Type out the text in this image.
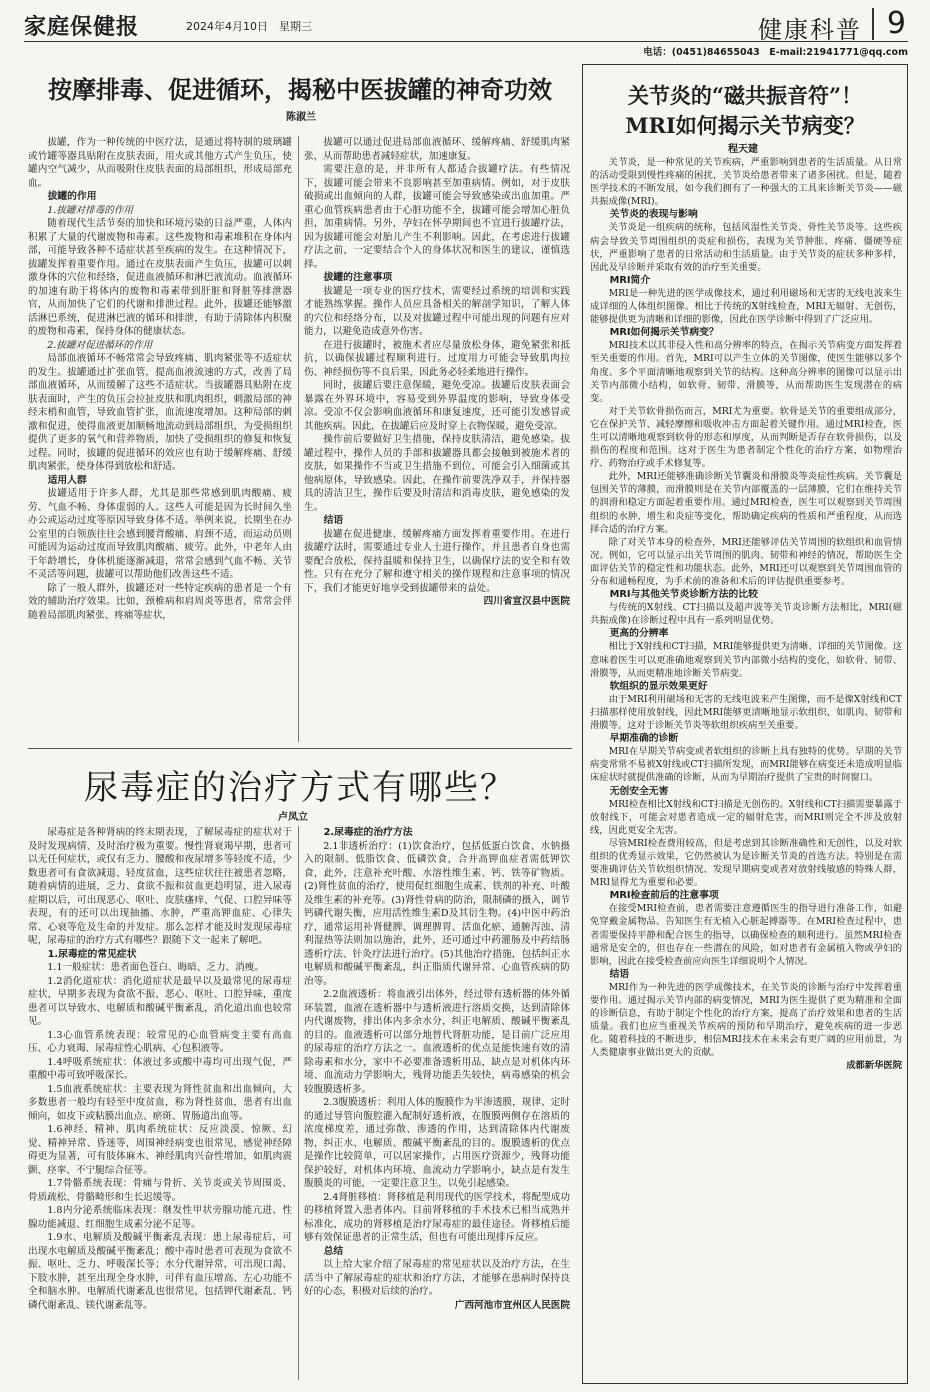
家庭保健报	2024年4月10日　星期三	健康科普 9
电话：(0451)84655043　E-mail:21941771@qq.com
按摩排毒、促进循环，揭秘中医拔罐的神奇功效
陈淑兰

拔罐，作为一种传统的中医疗法，是通过将特制的玻璃罐或竹罐等器具贴附在皮肤表面，用火或其他方式产生负压，使罐内空气减少，从而吸附住皮肤表面的局部组织，形成局部充血。

拔罐的作用

1.拔罐对排毒的作用

随着现代生活节奏的加快和环境污染的日益严重，人体内积累了大量的代谢废物和毒素。这些废物和毒素堆积在身体内部，可能导致各种不适症状甚至疾病的发生。在这种情况下，拔罐发挥着重要作用。通过在皮肤表面产生负压，拔罐可以刺激身体的穴位和经络，促进血液循环和淋巴液流动。血液循环的加速有助于将体内的废物和毒素带到肝脏和肾脏等排泄器官，从而加快了它们的代谢和排泄过程。此外，拔罐还能够激活淋巴系统，促进淋巴液的循环和排泄，有助于清除体内积聚的废物和毒素，保持身体的健康状态。

2.拔罐对促进循环的作用

局部血液循环不畅常常会导致疼痛、肌肉紧张等不适症状的发生。拔罐通过扩张血管，提高血液流速的方式，改善了局部血液循环，从而缓解了这些不适症状。当拔罐器具贴附在皮肤表面时，产生的负压会拉扯皮肤和肌肉组织，刺激局部的神经末梢和血管，导致血管扩张，血流速度增加。这种局部的刺激和促进，使得血液更加顺畅地流动到局部组织，为受损组织提供了更多的氧气和营养物质，加快了受损组织的修复和恢复过程。同时，拔罐的促进循环的效应也有助于缓解疼痛、舒缓肌肉紧张，使身体得到放松和舒适。

适用人群

拔罐适用于许多人群，尤其是那些常感到肌肉酸痛、疲劳、气血不畅、身体虚弱的人。这些人可能是因为长时间久坐办公或运动过度等原因导致身体不适。举例来说，长期坐在办公室里的白领族往往会感到腰背酸痛、肩颈不适，而运动员则可能因为运动过度而导致肌肉酸痛、疲劳。此外，中老年人由于年龄增长，身体机能逐渐减退，常常会感到气血不畅、关节不灵活等问题，拔罐可以帮助他们改善这些不适。

除了一般人群外，拔罐还对一些特定疾病的患者是一个有效的辅助治疗效果。比如，颈椎病和肩周炎等患者，常常会伴随着局部肌肉紧张、疼痛等症状，

拔罐可以通过促进局部血液循环、缓解疼痛、舒缓肌肉紧张，从而帮助患者减轻症状，加速康复。

需要注意的是，并非所有人都适合拔罐疗法。有些情况下，拔罐可能会带来不良影响甚至加重病情。例如，对于皮肤破损或出血倾向的人群，拔罐可能会导致感染或出血加重。严重心血管疾病患者由于心脏功能不全，拔罐可能会增加心脏负担，加重病情。另外，孕妇在怀孕期间也不宜进行拔罐疗法，因为拔罐可能会对胎儿产生不利影响。因此，在考虑进行拔罐疗法之前，一定要结合个人的身体状况和医生的建议，谨慎选择。

拔罐的注意事项

拔罐是一项专业的医疗技术，需要经过系统的培训和实践才能熟练掌握。操作人员应具备相关的解剖学知识，了解人体的穴位和经络分布，以及对拔罐过程中可能出现的问题有应对能力，以避免造成意外伤害。

在进行拔罐时，被施术者应尽量放松身体，避免紧张和抵抗，以确保拔罐过程顺利进行。过度用力可能会导致肌肉拉伤、神经损伤等不良后果，因此务必轻柔地进行操作。

同时，拔罐后要注意保暖，避免受凉。拔罐后皮肤表面会暴露在外界环境中，容易受到外界温度的影响，导致身体受凉。受凉不仅会影响血液循环和康复速度，还可能引发感冒或其他疾病。因此，在拔罐后应及时穿上衣物保暖，避免受凉。

操作前后要做好卫生措施，保持皮肤清洁，避免感染。拔罐过程中，操作人员的手部和拔罐器具都会接触到被施术者的皮肤，如果操作不当或卫生措施不到位，可能会引入细菌或其他病原体，导致感染。因此，在操作前要洗净双手，并保持器具的清洁卫生，操作后要及时清洁和消毒皮肤，避免感染的发生。

结语

拔罐在促进健康、缓解疼痛方面发挥着重要作用。在进行拔罐疗法时，需要通过专业人士进行操作，并且患者自身也需要配合放松，保持温暖和保持卫生，以确保疗法的安全和有效性。只有在充分了解和遵守相关的操作规程和注意事项的情况下，我们才能更好地享受到拔罐带来的益处。

四川省宣汉县中医院

尿毒症的治疗方式有哪些？
卢凤立

尿毒症是各种肾病的终末期表现，了解尿毒症的症状对于及时发现病情、及时治疗极为重要。慢性肾衰竭早期，患者可以无任何症状，或仅有乏力、腰酸和夜尿增多等轻度不适，少数患者可有食欲减退、轻度贫血，这些症状往往被患者忽略，随着病情的进展，乏力、食欲不振和贫血更趋明显，进入尿毒症期以后，可出现恶心、呕吐、皮肤瘙痒、气促、口腔异味等表现，有的还可以出现抽搐、水肿，严重高钾血症、心律失常、心衰等危及生命的并发症。那么怎样才能及时发现尿毒症呢，尿毒症的治疗方式有哪些？跟随下文一起来了解吧。

1.尿毒症的常见症状

1.1一般症状：患者面色苍白、晦暗、乏力、消瘦。

1.2消化道症状：消化道症状是最早以及最常见的尿毒症症状，早期多表现为食欲不振、恶心、呕吐、口腔异味，重度患者可以导致水、电解质和酸碱平衡紊乱，消化道出血也较常见。

1.3心血管系统表现：较常见的心血管病变主要有高血压、心力衰竭、尿毒症性心肌病、心包积液等。

1.4呼吸系统症状：体液过多或酸中毒均可出现气促，严重酸中毒可致呼吸深长。

1.5血液系统症状：主要表现为肾性贫血和出血倾向，大多数患者一般均有轻至中度贫血，称为肾性贫血，患者有出血倾向，如皮下或粘膜出血点、瘀斑、胃肠道出血等。

1.6神经、精神、肌肉系统症状：反应淡漠、惊厥、幻觉、精神异常、昏迷等，周围神经病变也很常见，感觉神经障碍更为显著，可有肢体麻木、神经肌肉兴奋性增加，如肌肉震颤、痉挛、不宁腿综合征等。

1.7骨骼系统表现：骨痛与骨折、关节炎或关节周围炎、骨质疏松、骨骼畸形和生长迟缓等。

1.8内分泌系统临床表现：继发性甲状旁腺功能亢进、性腺功能减退、红细胞生成素分泌不足等。

1.9水、电解质及酸碱平衡紊乱表现：患上尿毒症后，可出现水电解质及酸碱平衡紊乱；酸中毒时患者可表现为食欲不振、呕吐、乏力、呼吸深长等；水分代谢异常，可出现口渴、下肢水肿，甚至出现全身水肿，可伴有血压增高、左心功能不全和脑水肿。电解质代谢紊乱也很常见，包括钾代谢紊乱、钙磷代谢紊乱、镁代谢紊乱等。

2.尿毒症的治疗方法

2.1非透析治疗：(1)饮食治疗，包括低蛋白饮食、水钠摄入的限制、低脂饮食、低磷饮食，合并高钾血症者需低钾饮食，此外，注意补充叶酸、水溶性维生素、钙、铁等矿物质。(2)肾性贫血的治疗，使用促红细胞生成素、铁剂的补充、叶酸及维生素的补充等。(3)肾性骨病的防治，限制磷的摄入，调节钙磷代谢失衡，应用活性维生素D及其衍生物。(4)中医中药治疗，通常运用补肾健脾、调理脾胃、活血化瘀、通腑泻浊、清利湿热等法则加以施治，此外，还可通过中药灌肠及中药结肠透析疗法、针灸疗法进行治疗。(5)其他治疗措施，包括纠正水电解质和酸碱平衡紊乱，纠正脂质代谢异常、心血管疾病的防治等。

2.2血液透析：将血液引出体外，经过带有透析器的体外循环装置，血液在透析器中与透析液进行溶质交换，达到清除体内代谢废物，排出体内多余水分，纠正电解质、酸碱平衡紊乱的目的。血液透析可以部分地替代肾脏功能，是目前广泛应用的尿毒症的治疗方法之一。血液透析的优点是能快速有效的清除毒素和水分，家中不必要准备透析用品，缺点是对机体内环境、血流动力学影响大，残肾功能丢失较快，病毒感染的机会较腹膜透析多。

2.3腹膜透析：利用人体的腹膜作为半渗透膜，规律、定时的通过导管向腹腔灌入配制好透析液，在腹膜两侧存在溶质的浓度梯度差，通过弥散、渗透的作用，达到清除体内代谢废物，纠正水、电解质、酸碱平衡紊乱的目的。腹膜透析的优点是操作比较简单，可以居家操作，占用医疗资源少，残肾功能保护较好，对机体内环境、血流动力学影响小，缺点是有发生腹膜炎的可能，一定要注意卫生，以免引起感染。

2.4肾脏移植：肾移植是利用现代的医学技术，将配型成功的移植肾置入患者体内。目前肾移植的手术技术已相当成熟并标准化，成功的肾移植是治疗尿毒症的最佳途径。肾移植后能够有效保证患者的正常生活，但也有可能出现排斥反应。

总结

以上给大家介绍了尿毒症的常见症状以及治疗方法，在生活当中了解尿毒症的症状和治疗方法，才能够在患病时保持良好的心态，积极对后续的治疗。

广西河池市宜州区人民医院

关节炎的“磁共振音符”！
MRI如何揭示关节病变？
程天建

关节炎，是一种常见的关节疾病，严重影响到患者的生活质量。从日常的活动受限到慢性疼痛的困扰，关节炎给患者带来了诸多困扰。但是，随着医学技术的不断发展，如今我们拥有了一种强大的工具来诊断关节炎——磁共振成像(MRI)。

关节炎的表现与影响

关节炎是一组疾病的统称，包括风湿性关节炎、骨性关节炎等。这些疾病会导致关节周围组织的炎症和损伤，表现为关节肿胀、疼痛、僵硬等症状，严重影响了患者的日常活动和生活质量。由于关节炎的症状多种多样，因此及早诊断并采取有效的治疗至关重要。

MRI简介

MRI是一种先进的医学成像技术，通过利用磁场和无害的无线电波来生成详细的人体组织图像。相比于传统的X射线检查，MRI无辐射、无创伤，能够提供更为清晰和详细的影像，因此在医学诊断中得到了广泛应用。

MRI如何揭示关节病变？

MRI技术以其非侵入性和高分辨率的特点，在揭示关节病变方面发挥着至关重要的作用。首先，MRI可以产生立体的关节图像，使医生能够以多个角度、多个平面清晰地观察到关节的结构。这种高分辨率的图像可以显示出关节内部微小结构，如软骨、韧带、滑膜等，从而帮助医生发现潜在的病变。

对于关节软骨损伤而言，MRI尤为重要。软骨是关节的重要组成部分，它在保护关节、减轻摩擦和吸收冲击方面起着关键作用。通过MRI检查，医生可以清晰地观察到软骨的形态和厚度，从而判断是否存在软骨损伤，以及损伤的程度和范围。这对于医生为患者制定个性化的治疗方案，如物理治疗、药物治疗或手术修复等。

此外，MRI还能够准确诊断关节囊炎和滑膜炎等炎症性疾病。关节囊是包围关节的薄膜，而滑膜则是在关节内部覆盖的一层薄膜，它们在维持关节的润滑和稳定方面起着重要作用。通过MRI检查，医生可以观察到关节周围组织的水肿、增生和炎症等变化，帮助确定疾病的性质和严重程度，从而选择合适的治疗方案。

除了对关节本身的检查外，MRI还能够评估关节周围的软组织和血管情况。例如，它可以显示出关节周围的肌肉、韧带和神经的情况，帮助医生全面评估关节的稳定性和功能状态。此外，MRI还可以观察到关节周围血管的分布和通畅程度，为手术前的准备和术后的评估提供重要参考。

MRI与其他关节炎诊断方法的比较

与传统的X射线、CT扫描以及超声波等关节炎诊断方法相比，MRI(磁共振成像)在诊断过程中具有一系列明显优势。

更高的分辨率

相比于X射线和CT扫描，MRI能够提供更为清晰、详细的关节图像。这意味着医生可以更准确地观察到关节内部微小结构的变化，如软骨、韧带、滑膜等，从而更精准地诊断关节病变。

软组织的显示效果更好

由于MRI利用磁场和无害的无线电波来产生图像，而不是像X射线和CT扫描那样使用放射线，因此MRI能够更清晰地显示软组织，如肌肉、韧带和滑膜等。这对于诊断关节炎等软组织疾病至关重要。

早期准确的诊断

MRI在早期关节病变或者软组织的诊断上具有独特的优势。早期的关节病变常常不易被X射线或CT扫描所发现，而MRI能够在病变还未造成明显临床症状时就提供准确的诊断，从而为早期治疗提供了宝贵的时间窗口。

无创安全无害

MRI检查相比X射线和CT扫描是无创伤的。X射线和CT扫描需要暴露于放射线下，可能会对患者造成一定的辐射危害，而MRI则完全不涉及放射线，因此更安全无害。

尽管MRI检查费用较高，但是考虑到其诊断准确性和无创性，以及对软组织的优秀显示效果，它仍然被认为是诊断关节炎的首选方法。特别是在需要准确评估关节软组织情况、发现早期病变或者对放射线敏感的特殊人群，MRI显得尤为重要和必要。

MRI检查前后的注意事项

在接受MRI检查前，患者需要注意遵循医生的指导进行准备工作，如避免穿戴金属物品、告知医生有无植入心脏起搏器等。在MRI检查过程中，患者需要保持平静和配合医生的指导，以确保检查的顺利进行。虽然MRI检查通常是安全的，但也存在一些潜在的风险，如对患者有金属植入物或孕妇的影响，因此在接受检查前应向医生详细说明个人情况。

结语

MRI作为一种先进的医学成像技术，在关节炎的诊断与治疗中发挥着重要作用。通过揭示关节内部的病变情况，MRI为医生提供了更为精准和全面的诊断信息，有助于制定个性化的治疗方案，提高了治疗效果和患者的生活质量。我们也应当重视关节疾病的预防和早期治疗，避免疾病的进一步恶化。随着科技的不断进步，相信MRI技术在未来会有更广阔的应用前景，为人类健康事业做出更大的贡献。

成都新华医院
